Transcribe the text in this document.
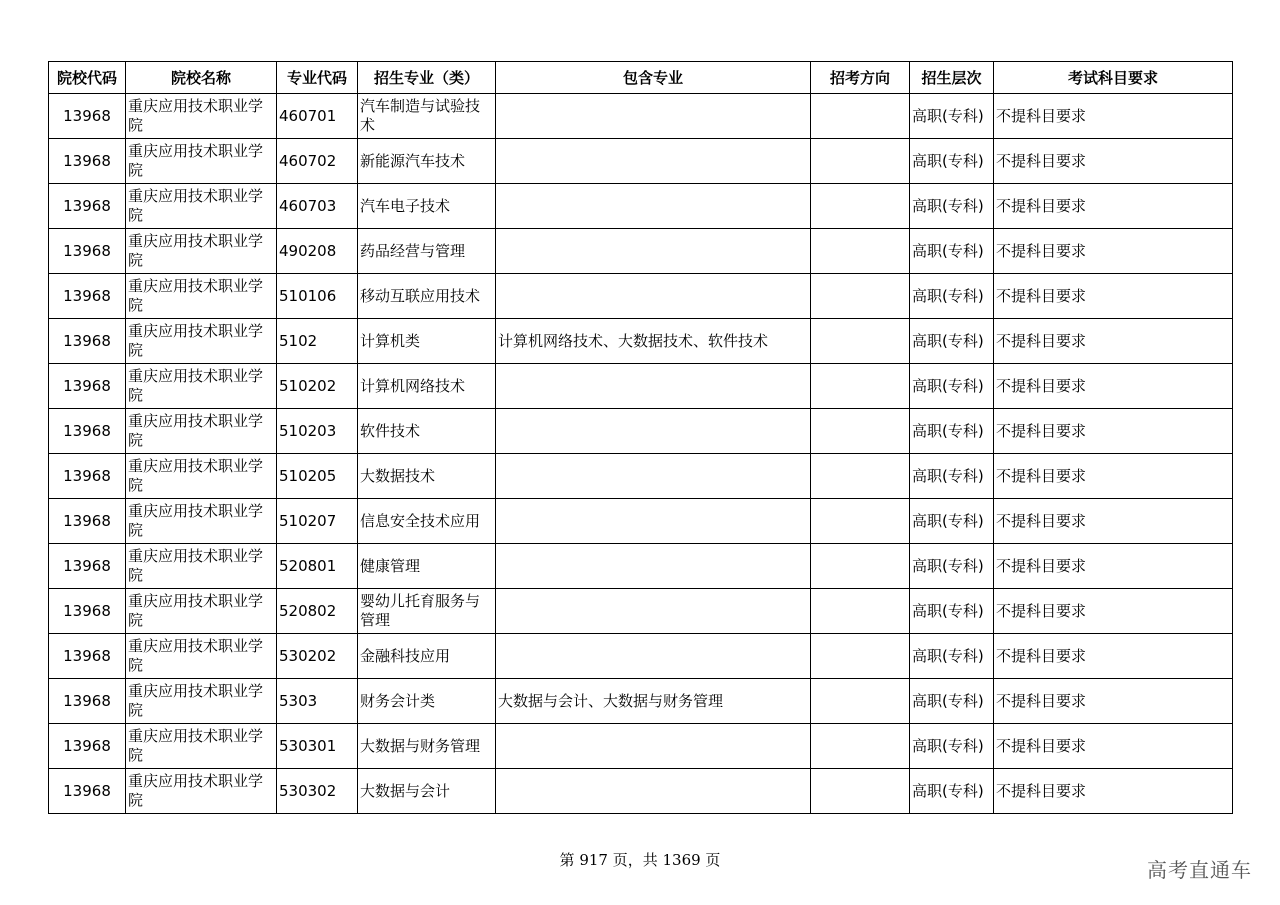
院校代码	院校名称	专业代码	招生专业（类）	包含专业	招考方向	招生层次	考试科目要求
13968	重庆应用技术职业学院	460701	汽车制造与试验技术			高职(专科)	不提科目要求
13968	重庆应用技术职业学院	460702	新能源汽车技术			高职(专科)	不提科目要求
13968	重庆应用技术职业学院	460703	汽车电子技术			高职(专科)	不提科目要求
13968	重庆应用技术职业学院	490208	药品经营与管理			高职(专科)	不提科目要求
13968	重庆应用技术职业学院	510106	移动互联应用技术			高职(专科)	不提科目要求
13968	重庆应用技术职业学院	5102	计算机类	计算机网络技术、大数据技术、软件技术		高职(专科)	不提科目要求
13968	重庆应用技术职业学院	510202	计算机网络技术			高职(专科)	不提科目要求
13968	重庆应用技术职业学院	510203	软件技术			高职(专科)	不提科目要求
13968	重庆应用技术职业学院	510205	大数据技术			高职(专科)	不提科目要求
13968	重庆应用技术职业学院	510207	信息安全技术应用			高职(专科)	不提科目要求
13968	重庆应用技术职业学院	520801	健康管理			高职(专科)	不提科目要求
13968	重庆应用技术职业学院	520802	婴幼儿托育服务与管理			高职(专科)	不提科目要求
13968	重庆应用技术职业学院	530202	金融科技应用			高职(专科)	不提科目要求
13968	重庆应用技术职业学院	5303	财务会计类	大数据与会计、大数据与财务管理		高职(专科)	不提科目要求
13968	重庆应用技术职业学院	530301	大数据与财务管理			高职(专科)	不提科目要求
13968	重庆应用技术职业学院	530302	大数据与会计			高职(专科)	不提科目要求
第 917 页，共 1369 页	高考直通车
